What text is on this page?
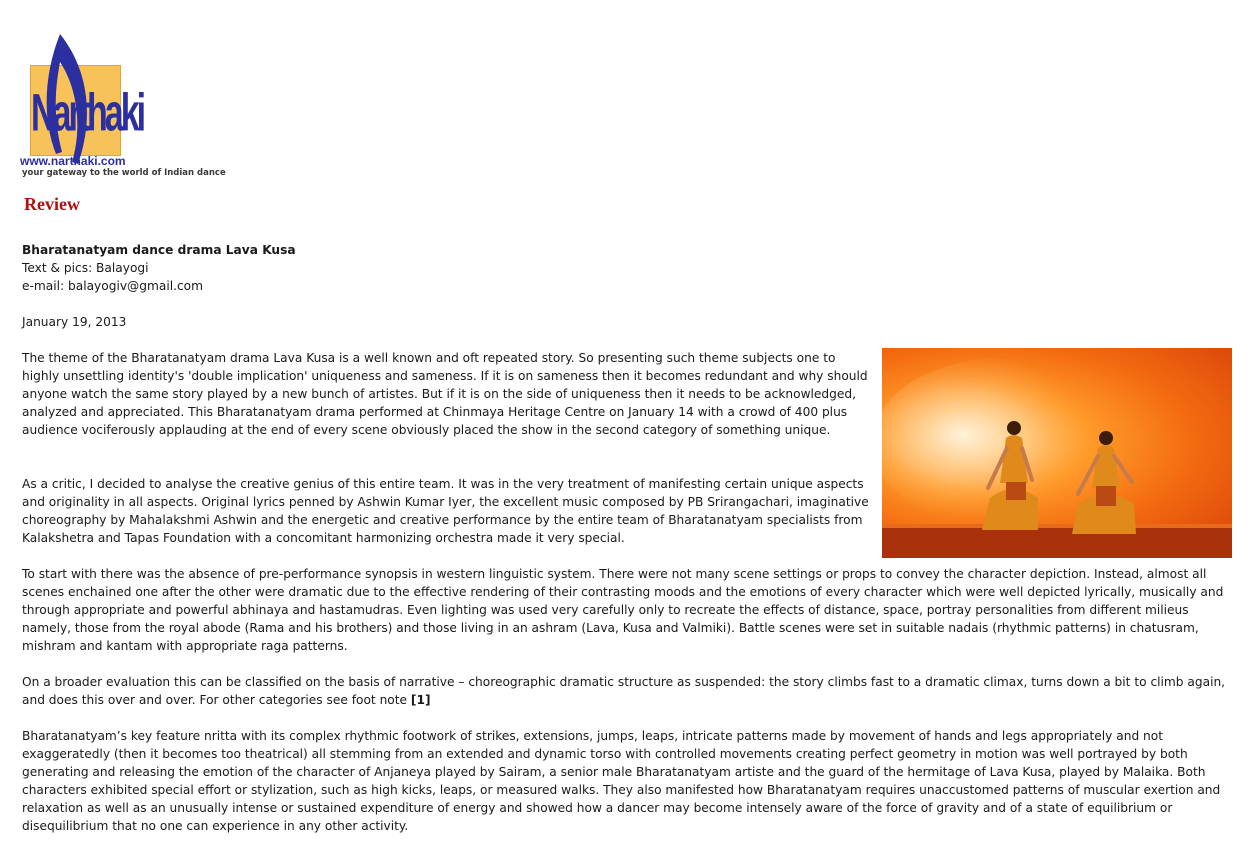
Narthaki
www.narthaki.com
your gateway to the world of Indian dance
Review
Bharatanatyam dance drama Lava Kusa
Text & pics: Balayogi
e-mail: balayogiv@gmail.com
January 19, 2013

The theme of the Bharatanatyam drama Lava Kusa is a well known and oft repeated story. So presenting such theme subjects one to highly unsettling identity's 'double implication' uniqueness and sameness. If it is on sameness then it becomes redundant and why should anyone watch the same story played by a new bunch of artistes. But if it is on the side of uniqueness then it needs to be acknowledged, analyzed and appreciated. This Bharatanatyam drama performed at Chinmaya Heritage Centre on January 14 with a crowd of 400 plus audience vociferously applauding at the end of every scene obviously placed the show in the second category of something unique.

As a critic, I decided to analyse the creative genius of this entire team. It was in the very treatment of manifesting certain unique aspects and originality in all aspects. Original lyrics penned by Ashwin Kumar Iyer, the excellent music composed by PB Srirangachari, imaginative choreography by Mahalakshmi Ashwin and the energetic and creative performance by the entire team of Bharatanatyam specialists from Kalakshetra and Tapas Foundation with a concomitant harmonizing orchestra made it very special.

To start with there was the absence of pre-performance synopsis in western linguistic system. There were not many scene settings or props to convey the character depiction. Instead, almost all scenes enchained one after the other were dramatic due to the effective rendering of their contrasting moods and the emotions of every character which were well depicted lyrically, musically and through appropriate and powerful abhinaya and hastamudras. Even lighting was used very carefully only to recreate the effects of distance, space, portray personalities from different milieus namely, those from the royal abode (Rama and his brothers) and those living in an ashram (Lava, Kusa and Valmiki). Battle scenes were set in suitable nadais (rhythmic patterns) in chatusram, mishram and kantam with appropriate raga patterns.

On a broader evaluation this can be classified on the basis of narrative – choreographic dramatic structure as suspended: the story climbs fast to a dramatic climax, turns down a bit to climb again, and does this over and over. For other categories see foot note [1]

Bharatanatyam’s key feature nritta with its complex rhythmic footwork of strikes, extensions, jumps, leaps, intricate patterns made by movement of hands and legs appropriately and not exaggeratedly (then it becomes too theatrical) all stemming from an extended and dynamic torso with controlled movements creating perfect geometry in motion was well portrayed by both generating and releasing the emotion of the character of Anjaneya played by Sairam, a senior male Bharatanatyam artiste and the guard of the hermitage of Lava Kusa, played by Malaika. Both characters exhibited special effort or stylization, such as high kicks, leaps, or measured walks. They also manifested how Bharatanatyam requires unaccustomed patterns of muscular exertion and relaxation as well as an unusually intense or sustained expenditure of energy and showed how a dancer may become intensely aware of the force of gravity and of a state of equilibrium or disequilibrium that no one can experience in any other activity.
